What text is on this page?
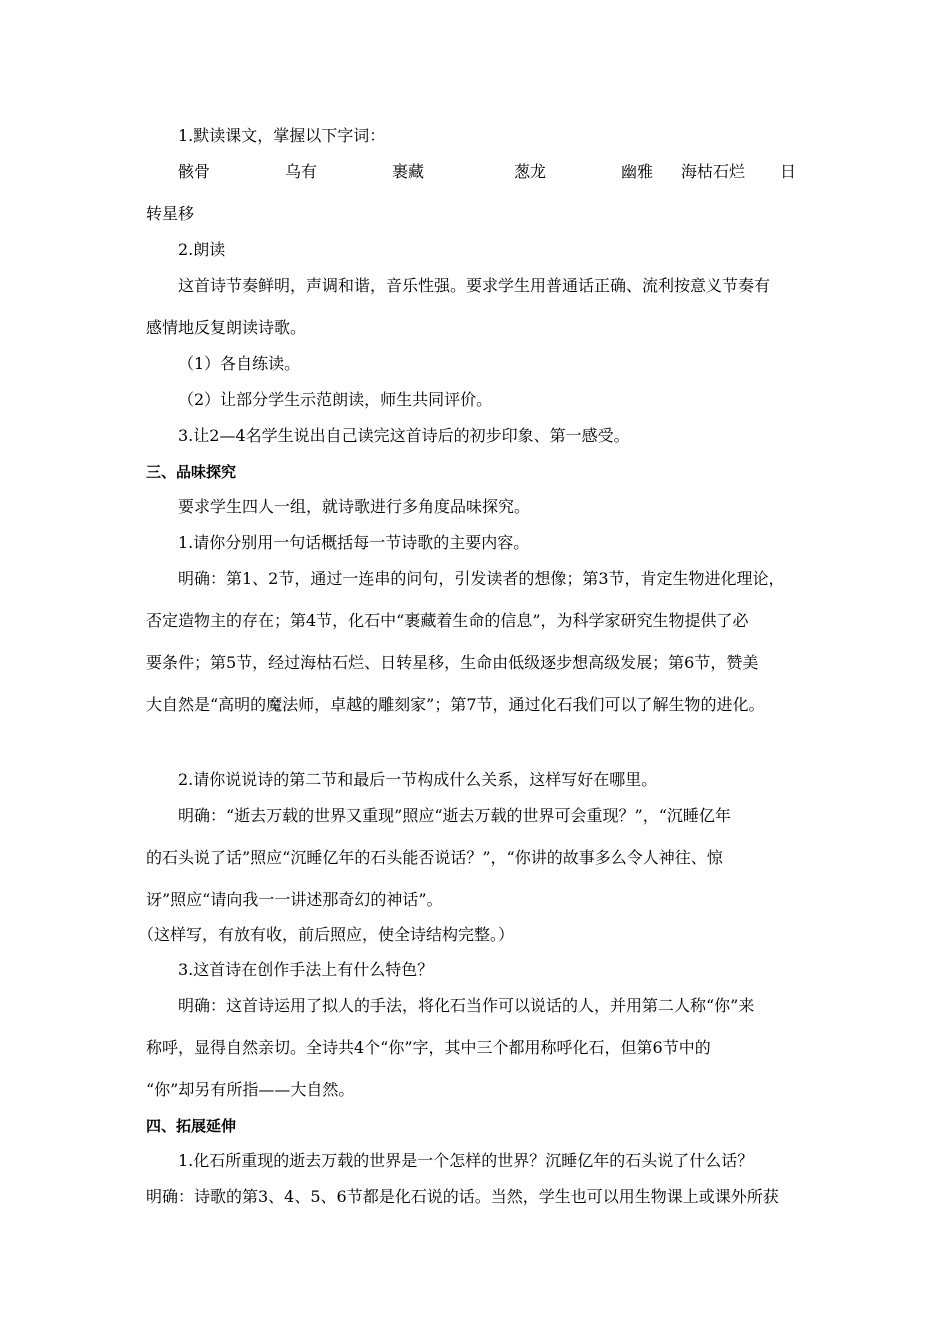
1.默读课文，掌握以下字词：
骸骨	乌有	裹藏	葱龙	幽雅 海枯石烂 日
转星移
2.朗读
这首诗节奏鲜明，声调和谐，音乐性强。要求学生用普通话正确、流利按意义节奏有
感情地反复朗读诗歌。
（1）各自练读。
（2）让部分学生示范朗读，师生共同评价。
3.让2—4名学生说出自己读完这首诗后的初步印象、第一感受。
三、品味探究
要求学生四人一组，就诗歌进行多角度品味探究。
1.请你分别用一句话概括每一节诗歌的主要内容。
明确：第1、2节，通过一连串的问句，引发读者的想像；第3节，肯定生物进化理论，
否定造物主的存在；第4节，化石中“裹藏着生命的信息”，为科学家研究生物提供了必
要条件；第5节，经过海枯石烂、日转星移，生命由低级逐步想高级发展；第6节，赞美
大自然是“高明的魔法师，卓越的雕刻家”；第7节，通过化石我们可以了解生物的进化。
2.请你说说诗的第二节和最后一节构成什么关系，这样写好在哪里。
明确：“逝去万载的世界又重现”照应“逝去万载的世界可会重现？”，“沉睡亿年
的石头说了话”照应“沉睡亿年的石头能否说话？”，“你讲的故事多么令人神往、惊
讶”照应“请向我一一讲述那奇幻的神话”。
（这样写，有放有收，前后照应，使全诗结构完整。）
3.这首诗在创作手法上有什么特色？
明确：这首诗运用了拟人的手法，将化石当作可以说话的人，并用第二人称“你”来
称呼，显得自然亲切。全诗共4个“你”字，其中三个都用称呼化石，但第6节中的
“你”却另有所指——大自然。
四、拓展延伸
1.化石所重现的逝去万载的世界是一个怎样的世界？沉睡亿年的石头说了什么话？
明确：诗歌的第3、4、5、6节都是化石说的话。当然，学生也可以用生物课上或课外所获
